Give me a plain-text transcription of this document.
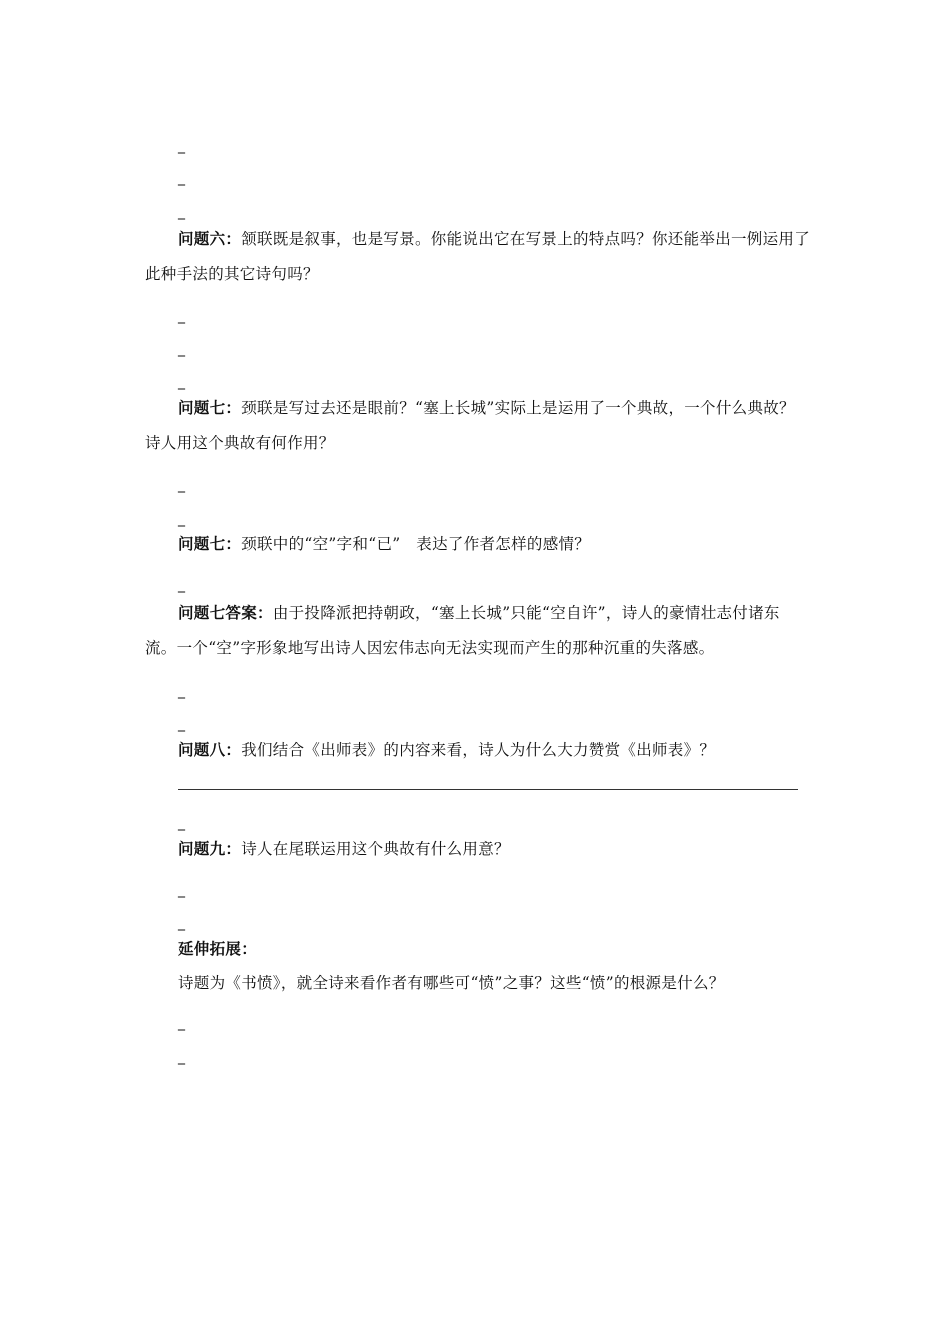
_
_
_
问题六：颔联既是叙事，也是写景。你能说出它在写景上的特点吗？你还能举出一例运用了此种手法的其它诗句吗？
_
_
_
问题七：颈联是写过去还是眼前？“塞上长城”实际上是运用了一个典故，一个什么典故？诗人用这个典故有何作用？
_
_
问题七：颈联中的“空”字和“已”　表达了作者怎样的感情？
_
问题七答案：由于投降派把持朝政，“塞上长城”只能“空自许”，诗人的豪情壮志付诸东流。一个“空”字形象地写出诗人因宏伟志向无法实现而产生的那种沉重的失落感。
_
_
问题八：我们结合《出师表》的内容来看，诗人为什么大力赞赏《出师表》？
_
问题九：诗人在尾联运用这个典故有什么用意？
_
_
延伸拓展：
诗题为《书愤》，就全诗来看作者有哪些可“愤”之事？这些“愤”的根源是什么？
_
_
